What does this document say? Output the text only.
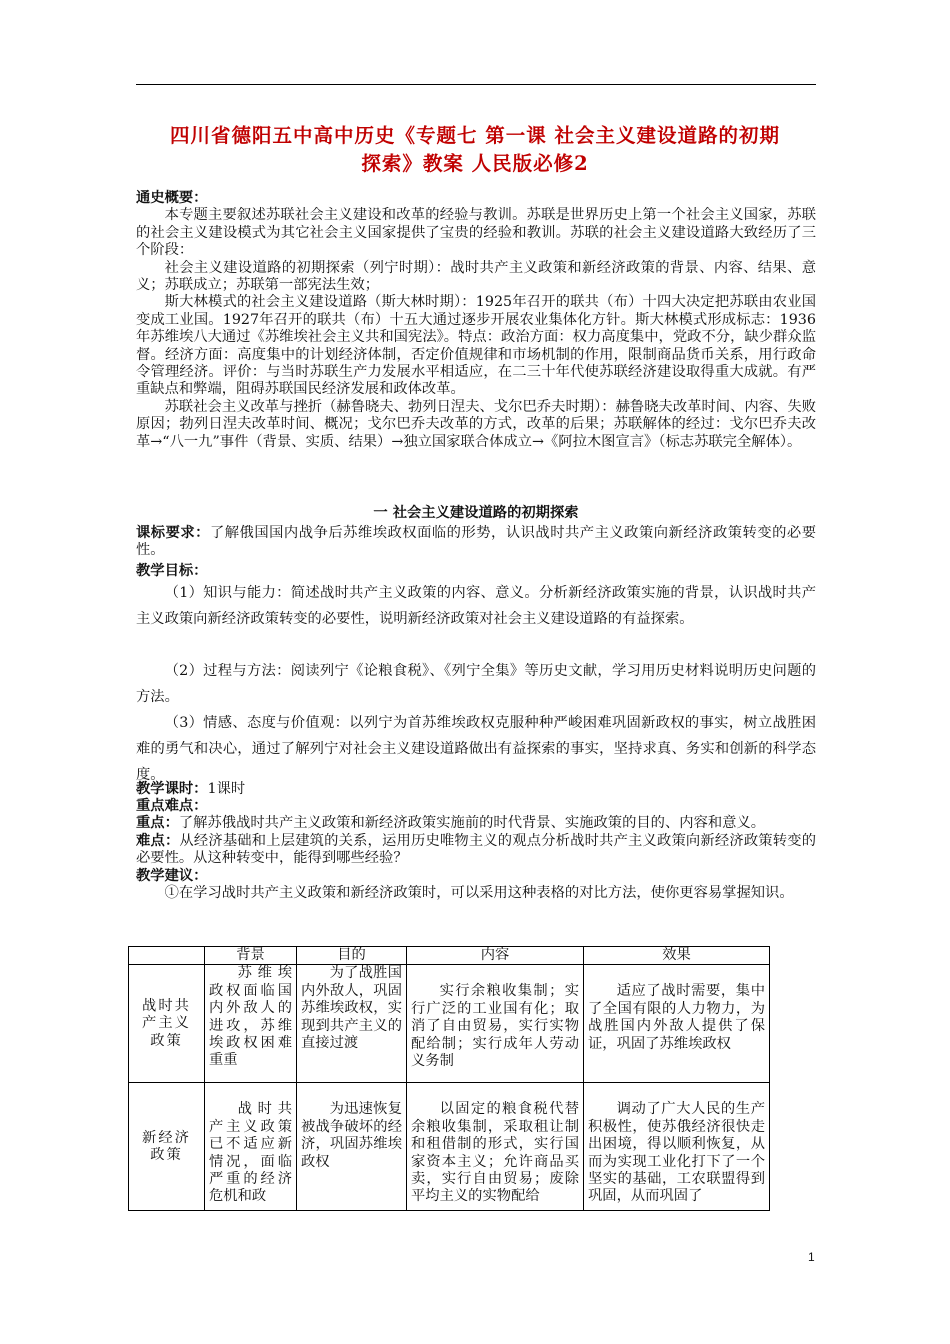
四川省德阳五中高中历史《专题七 第一课 社会主义建设道路的初期
探索》教案 人民版必修2
通史概要：
本专题主要叙述苏联社会主义建设和改革的经验与教训。苏联是世界历史上第一个社会主义国家，苏联的社会主义建设模式为其它社会主义国家提供了宝贵的经验和教训。苏联的社会主义建设道路大致经历了三个阶段：
社会主义建设道路的初期探索（列宁时期）：战时共产主义政策和新经济政策的背景、内容、结果、意义；苏联成立；苏联第一部宪法生效；
斯大林模式的社会主义建设道路（斯大林时期）：1925年召开的联共（布）十四大决定把苏联由农业国变成工业国。1927年召开的联共（布）十五大通过逐步开展农业集体化方针。斯大林模式形成标志：1936年苏维埃八大通过《苏维埃社会主义共和国宪法》。特点：政治方面：权力高度集中，党政不分，缺少群众监督。经济方面：高度集中的计划经济体制，否定价值规律和市场机制的作用，限制商品货币关系，用行政命令管理经济。评价：与当时苏联生产力发展水平相适应，在二三十年代使苏联经济建设取得重大成就。有严重缺点和弊端，阻碍苏联国民经济发展和政体改革。
苏联社会主义改革与挫折（赫鲁晓夫、勃列日涅夫、戈尔巴乔夫时期）：赫鲁晓夫改革时间、内容、失败原因；勃列日涅夫改革时间、概况；戈尔巴乔夫改革的方式，改革的后果；苏联解体的经过：戈尔巴乔夫改革→“八一九”事件（背景、实质、结果）→独立国家联合体成立→《阿拉木图宣言》（标志苏联完全解体）。
一 社会主义建设道路的初期探索
课标要求：了解俄国国内战争后苏维埃政权面临的形势，认识战时共产主义政策向新经济政策转变的必要性。
教学目标：
（1）知识与能力：简述战时共产主义政策的内容、意义。分析新经济政策实施的背景，认识战时共产主义政策向新经济政策转变的必要性，说明新经济政策对社会主义建设道路的有益探索。
（2）过程与方法：阅读列宁《论粮食税》、《列宁全集》等历史文献，学习用历史材料说明历史问题的方法。
（3）情感、态度与价值观：以列宁为首苏维埃政权克服种种严峻困难巩固新政权的事实，树立战胜困难的勇气和决心，通过了解列宁对社会主义建设道路做出有益探索的事实，坚持求真、务实和创新的科学态度。
教学课时：1课时
重点难点：
重点：了解苏俄战时共产主义政策和新经济政策实施前的时代背景、实施政策的目的、内容和意义。
难点：从经济基础和上层建筑的关系，运用历史唯物主义的观点分析战时共产主义政策向新经济政策转变的必要性。从这种转变中，能得到哪些经验？
教学建议：
①在学习战时共产主义政策和新经济政策时，可以采用这种表格的对比方法，使你更容易掌握知识。
	背景	目的	内容	效果
战时共产主义政策	苏维埃政权面临国内外敌人的进攻，苏维埃政权困难重重	为了战胜国内外敌人，巩固苏维埃政权，实现到共产主义的直接过渡	实行余粮收集制；实行广泛的工业国有化；取消了自由贸易，实行实物配给制；实行成年人劳动义务制	适应了战时需要，集中了全国有限的人力物力，为战胜国内外敌人提供了保证，巩固了苏维埃政权

新经济政策	战时共产主义政策已不适应新情况，面临严重的经济危机和政	为迅速恢复被战争破坏的经济，巩固苏维埃政权	以固定的粮食税代替余粮收集制，采取租让制和租借制的形式，实行国家资本主义；允许商品买卖，实行自由贸易；废除平均主义的实物配给	调动了广大人民的生产积极性，使苏俄经济很快走出困境，得以顺利恢复，从而为实现工业化打下了一个坚实的基础，工农联盟得到巩固，从而巩固了
1
